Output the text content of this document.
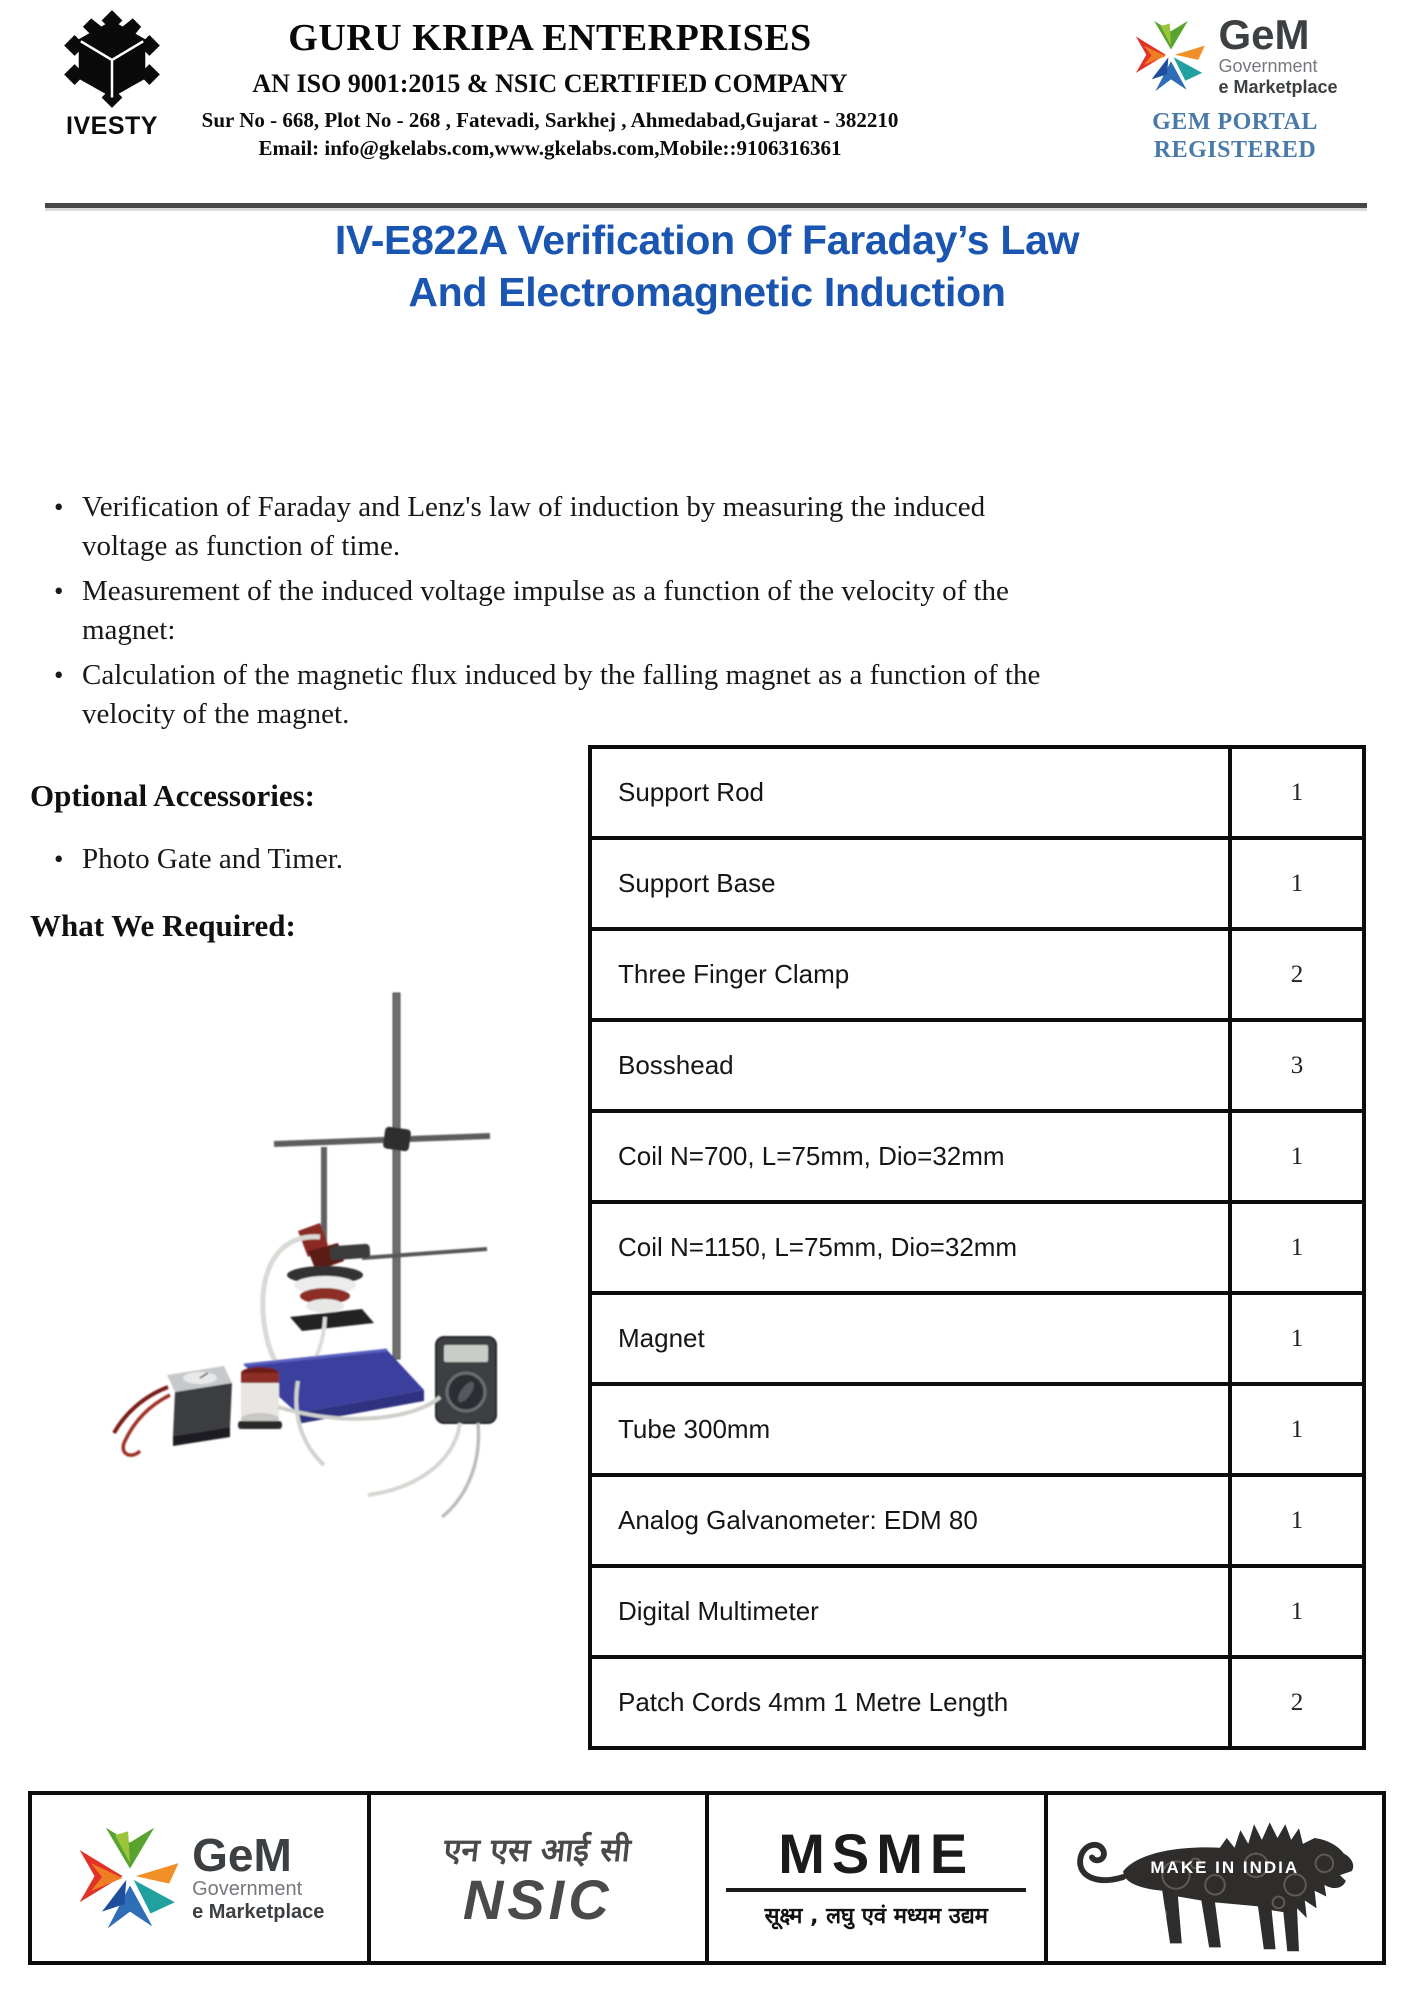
IVESTY
GURU KRIPA ENTERPRISES
AN ISO 9001:2015 & NSIC CERTIFIED COMPANY
Sur No - 668, Plot No - 268 , Fatevadi, Sarkhej , Ahmedabad,Gujarat - 382210
Email: info@gkelabs.com,www.gkelabs.com,Mobile::9106316361
GeM
Government
e Marketplace
GEM PORTAL
REGISTERED
IV-E822A Verification Of Faraday’s Law
And Electromagnetic Induction
• Verification of Faraday and Lenz's law of induction by measuring the induced voltage as function of time.
• Measurement of the induced voltage impulse as a function of the velocity of the magnet:
• Calculation of the magnetic flux induced by the falling magnet as a function of the velocity of the magnet.
Optional Accessories:
• Photo Gate and Timer.
What We Required:
Support Rod	1
Support Base	1
Three Finger Clamp	2
Bosshead	3
Coil N=700, L=75mm, Dio=32mm	1
Coil N=1150, L=75mm, Dio=32mm	1
Magnet	1
Tube 300mm	1
Analog Galvanometer: EDM 80	1
Digital Multimeter	1
Patch Cords 4mm 1 Metre Length	2
GeM
Government
e Marketplace
एन एस आई सी
NSIC
MSME
सूक्ष्म , लघु एवं मध्यम उद्यम
MAKE IN INDIA
